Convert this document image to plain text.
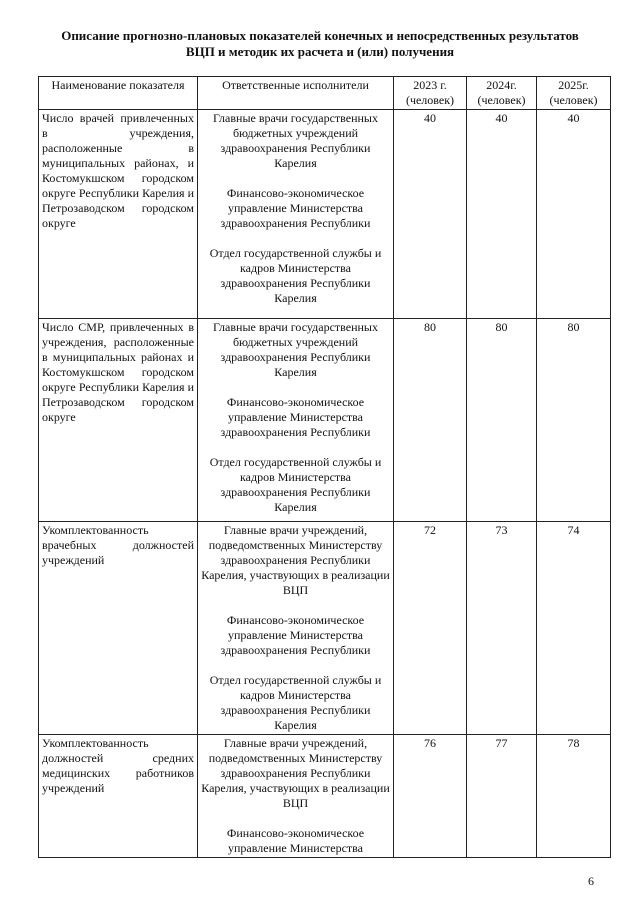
Описание прогнозно-плановых показателей конечных и непосредственных результатов
ВЦП и методик их расчета и (или) получения
Наименование показателя	Ответственные исполнители	2023 г. (человек)	2024г. (человек)	2025г. (человек)
Число врачей привлеченных в учреждения, расположенные в муниципальных районах, и Костомукшском городском округе Республики Карелия и Петрозаводском городском округе	Главные врачи государственных бюджетных учреждений здравоохранения Республики Карелия
Финансово-экономическое управление Министерства здравоохранения Республики
Отдел государственной службы и кадров Министерства здравоохранения Республики Карелия	40	40	40
Число СМР, привлеченных в учреждения, расположенные в муниципальных районах и Костомукшском городском округе Республики Карелия и Петрозаводском городском округе	Главные врачи государственных бюджетных учреждений здравоохранения Республики Карелия
Финансово-экономическое управление Министерства здравоохранения Республики
Отдел государственной службы и кадров Министерства здравоохранения Республики Карелия	80	80	80
Укомплектованность врачебных должностей учреждений	Главные врачи учреждений, подведомственных Министерству здравоохранения Республики Карелия, участвующих в реализации ВЦП
Финансово-экономическое управление Министерства здравоохранения Республики
Отдел государственной службы и кадров Министерства здравоохранения Республики Карелия	72	73	74
Укомплектованность должностей средних медицинских работников учреждений	Главные врачи учреждений, подведомственных Министерству здравоохранения Республики Карелия, участвующих в реализации ВЦП
Финансово-экономическое управление Министерства	76	77	78
6
